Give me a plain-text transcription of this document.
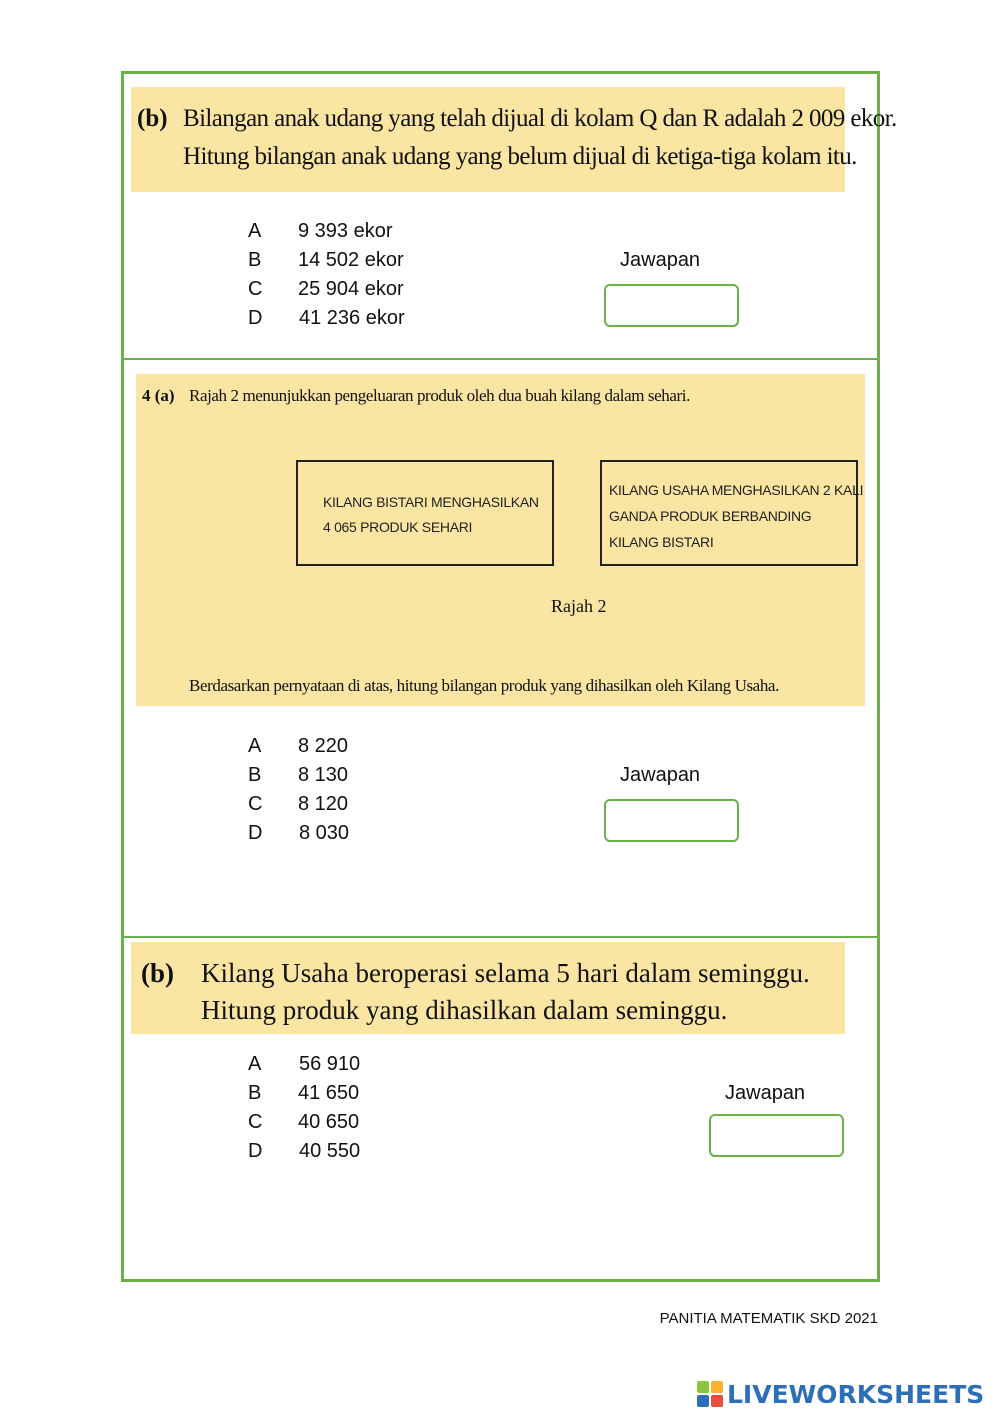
(b) Bilangan anak udang yang telah dijual di kolam Q dan R adalah 2 009 ekor.
Hitung bilangan anak udang yang belum dijual di ketiga-tiga kolam itu.
A 9 393 ekor
B 14 502 ekor
C 25 904 ekor
D 41 236 ekor
Jawapan
4 (a) Rajah 2 menunjukkan pengeluaran produk oleh dua buah kilang dalam sehari.
KILANG BISTARI MENGHASILKAN
4 065 PRODUK SEHARI
KILANG USAHA MENGHASILKAN 2 KALI
GANDA PRODUK BERBANDING
KILANG BISTARI
Rajah 2
Berdasarkan pernyataan di atas, hitung bilangan produk yang dihasilkan oleh Kilang Usaha.
A 8 220
B 8 130
C 8 120
D 8 030
Jawapan
(b) Kilang Usaha beroperasi selama 5 hari dalam seminggu.
Hitung produk yang dihasilkan dalam seminggu.
A 56 910
B 41 650
C 40 650
D 40 550
Jawapan
PANITIA MATEMATIK SKD 2021
LIVEWORKSHEETS
